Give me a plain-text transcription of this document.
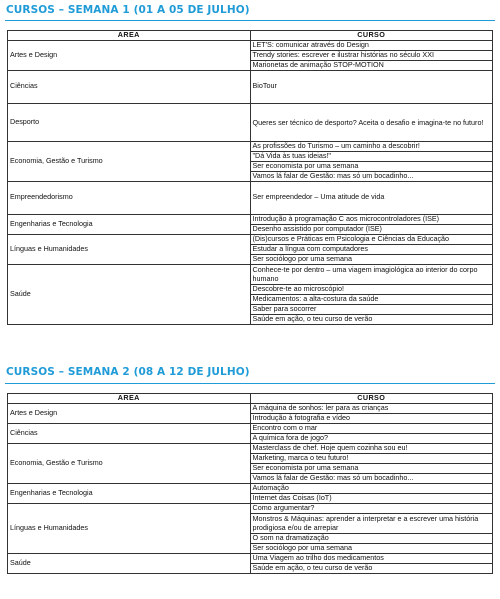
CURSOS – SEMANA 1 (01 A 05 DE JULHO)
AREA	CURSO
Artes e Design	LET'S: comunicar através do Design
	Trendy stories: escrever e ilustrar histórias no século XXI
	Marionetas de animação STOP-MOTION
Ciências	BioTour
Desporto	Queres ser técnico de desporto? Aceita o desafio e imagina-te no futuro!
Economia, Gestão e Turismo	As profissões do Turismo – um caminho a descobrir!
	"Dá Vida às tuas ideias!"
	Ser economista por uma semana
	Vamos lá falar de Gestão: mas só um bocadinho...
Empreendedorismo	Ser empreendedor – Uma atitude de vida
Engenharias e Tecnologia	Introdução à programação C aos microcontroladores (ISE)
	Desenho assistido por computador (ISE)
Línguas e Humanidades	(Dis)cursos e Práticas em Psicologia e Ciências da Educação
	Estudar a língua com computadores
	Ser sociólogo por uma semana
Saúde	Conhece-te por dentro – uma viagem imagiológica ao interior do corpo humano
	Descobre-te ao microscópio!
	Medicamentos: a alta-costura da saúde
	Saber para socorrer
	Saúde em ação, o teu curso de verão
CURSOS – SEMANA 2 (08 A 12 DE JULHO)
AREA	CURSO
Artes e Design	A máquina de sonhos: ler para as crianças
	Introdução à fotografia e vídeo
Ciências	Encontro com o mar
	A química fora de jogo?
Economia, Gestão e Turismo	Masterclass de chef. Hoje quem cozinha sou eu!
	Marketing, marca o teu futuro!
	Ser economista por uma semana
	Vamos lá falar de Gestão: mas só um bocadinho...
Engenharias e Tecnologia	Automação
	Internet das Coisas (IoT)
Línguas e Humanidades	Como argumentar?
	Monstros & Máquinas: aprender a interpretar e a escrever uma história prodigiosa e/ou de arrepiar
	O som na dramatização
	Ser sociólogo por uma semana
Saúde	Uma Viagem ao trilho dos medicamentos
	Saúde em ação, o teu curso de verão
